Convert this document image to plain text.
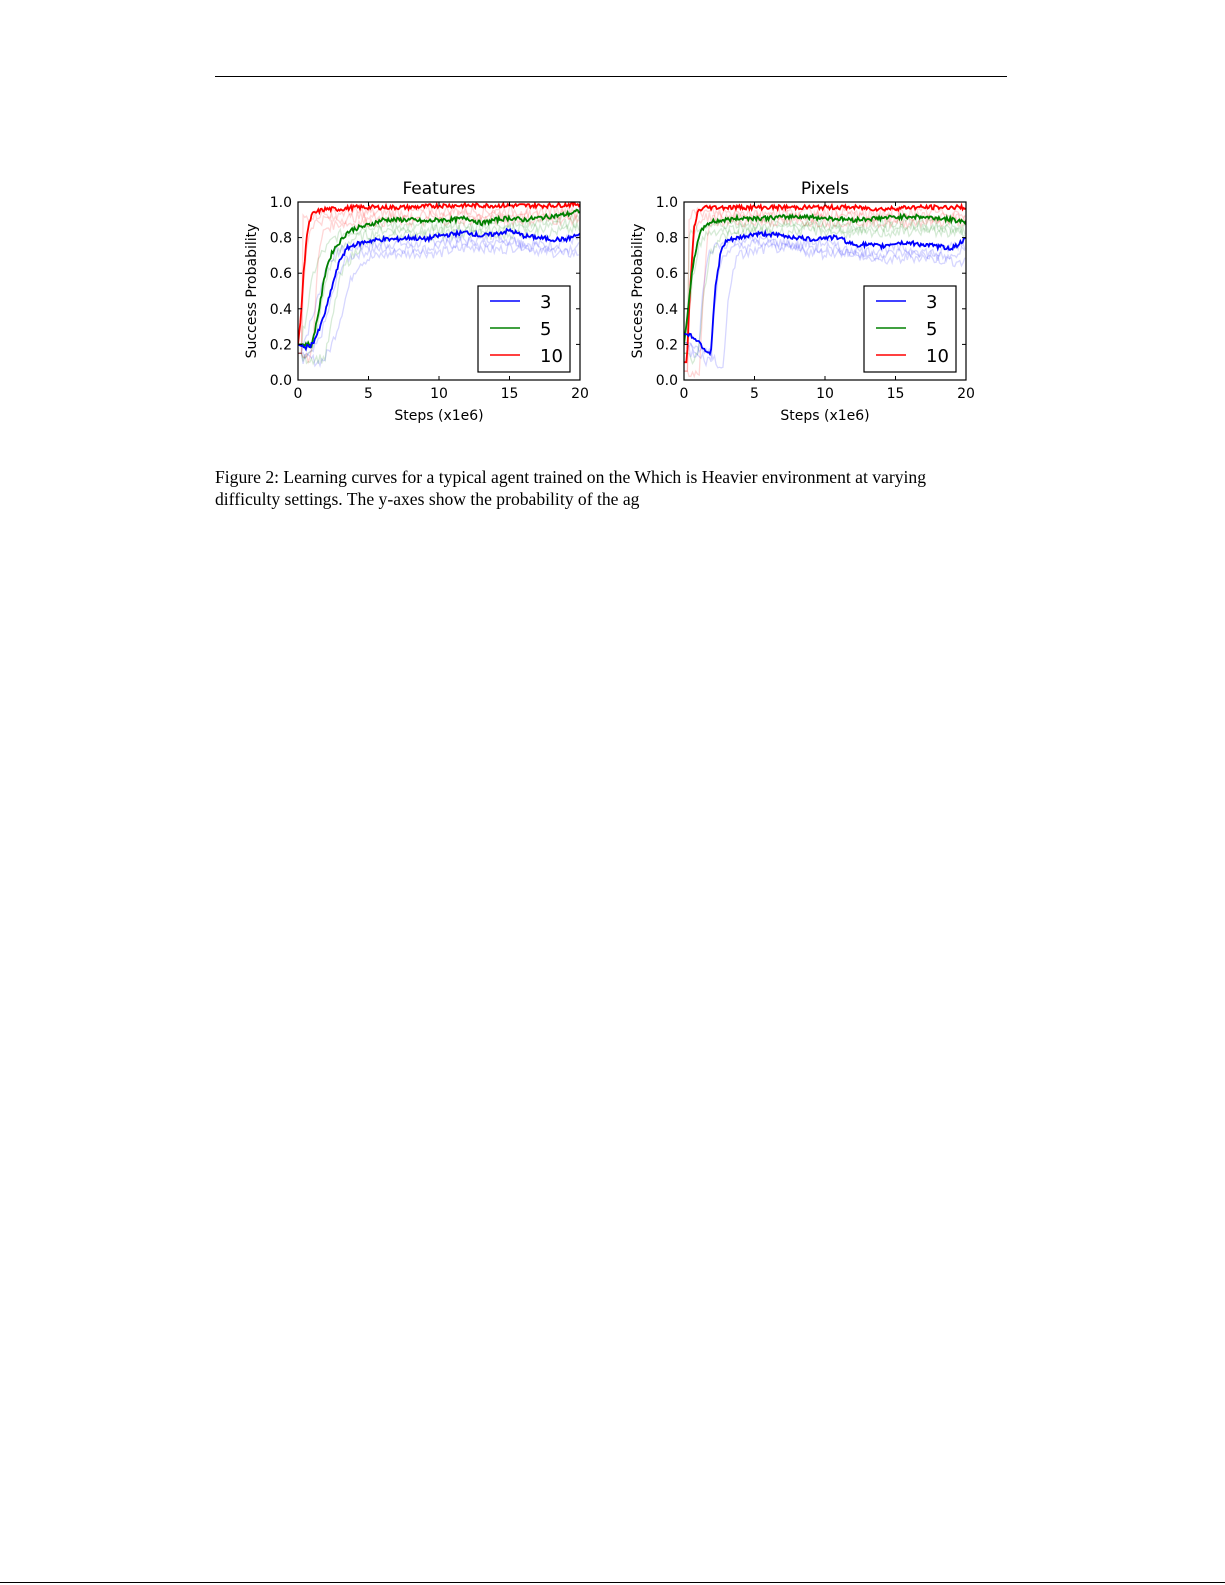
Features
0	5	10	15	20
0.0
0.2
0.4
0.6
0.8
1.0
Steps (x1e6)
Success Probability	3
5
10
Pixels
0	5	10	15	20
0.0
0.2
0.4
0.6
0.8
1.0
Steps (x1e6)
Success Probability	3
5
10
Figure 2: Learning curves for a typical agent trained on the Which is Heavier environment at varying
difficulty settings. The y-axes show the probability of the ag
